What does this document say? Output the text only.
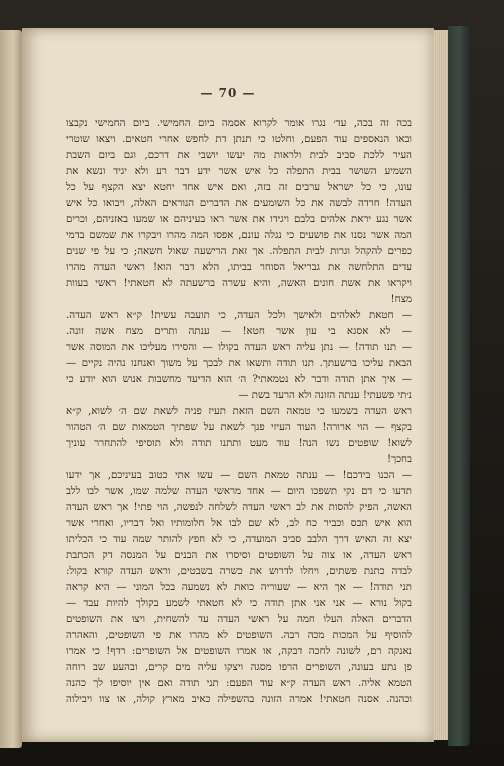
— 70 —
בכה זה בכה, עד׳ נגרו אומר לקרוא אסמה ביום החמישי. ביום החמישי נקבצו
ובאו הנאספים עוד הפעם, וחלטו כי תנתן דת לחפש אחרי חטאים. ויצאו שוטרי
העיר ללכת סביב לבית ולראות מה יעשו יושבי את דרכם, וגם ביום השבת
השמיע השושר בבית התפלה כל איש אשר ידע דבר רע ולא יגיד ונשא את
עונו, כי כל ישראל ערבים זה בזה, ואם איש אחד יחטא יצא הקצף על כל
העדה! חרדה לבשה את כל השומעים את הדברים הנוראים האלה, ויבואו כל איש
אשר נגע יראת אלהים בלבם ויגידו את אשר ראו בעיניהם או שמעו באזניהם, וכרים
המה אשר נסנו את פושעים כי נגלה עונם, אפסו המה מהרו ויבקרו את שמשם בדמי
כפרים להקהל וגרות לבית התפלה. אך זאת הרישעה שאול חשאה; כי על פי שנים
עדים התלחשה את גבריאל הסוחר בביתו, הלא דבר הוא! ראשי העדה מהרו
ויקראו את אשת חונים האשה, והיא עשרה ברשעתה לא חטאתי! ראשי בעוות
מצח!
— חטאת לאלהים ולאישך ולכל העדה, כי תועבה עשית! ק״א ראש העדה.
— לא אסגא בי עון אשר חטא! — ענתה ותרים מצח אשה זונה.
— תנו תודה! — נתן עליה ראש העדה בקולו — והסירו מעליכו את המוסה אשר
הבאת עליכו ברשעתך. תנו תודה ותשאו את לבכך על משוך ואנחנו נהיה נקיים —
— איך אתן תודה ודבר לא נטמאתי? ה׳ הוא הדיעד מחשבות אנוש הוא יודע כי
נ׳תי פשעתי! ענתה הזונה ולא הרעד בשת —
ראש העדה בשמעו כי טמאה השם הזאת תעיז פניה לשאת שם ה׳ לשוא, ק״א
בקצף — הוי ארורה! העוד העיזי פנך לשאת על שפתיך הטמאות שם ה׳ הטהור
לשוא! שופטים נשו הנה! עוד מעט ותתנו תודה ולא תוסיפי להתחרר עוניך
בחכך!
— הכנו בידכם! — ענתה טמאת השם — עשו אתי כטוב בעיניכם, אך ידעו
תדעו כי דם נקי תשפכו היום — אחד מראשי העדה שלמה שמו, אשר לבו ללב
האשה, הפיק להסות את לב ראשי העדה לשלחה לנפשה, הוי פתי! אך ראש העדה
הוא איש תכס וכביר כח לב, לא שם לבו אל חלומותיו ואל דבריו, ואחרי אשר
יצא זה האיש דרך הלבב סביב המועדה, כי לא חפץ להותר שמה עוד כי הכליתו
ראש העדה, או צוה על השופטים וסיסרו את הבנים על המנסה דק הכתבת
לבדה כתנת פשתים, ויחלו לדרוש את כשרה בשבטים, וראש העדה קורא בקול:
תני תודה! — אך היא — שעוריה כואת לא נשמעה בכל המוני — היא קראה
בקול נורא — אני אני אתן תודה כי לא חטאתי לשמע בקולך להיות עבד —
הדברים האלה העלו חמה על ראשי העדה עד להשחית, ויצו את השופטים
להוסיף על המכות מכה רבה. השופטים לא מהרו את פי השופטים, והאהרה
נאנקה רם, לשונה לחכה דבקה, או אמרו השופטים אל השופרים: רדף! כי אמרו
פן נתע בעונה, השופרים הרפו מסגה ויצקו עליה מים קרים, ובהעע שב רוחה
הטמא אליה. ראש העדה ק״א עוד הפעם: תני תודה ואם אין יוסיפו לך כהנה
וכהנה. אסנה חטאתי! אמרה הזונה בהשפילה כאיב מארץ קולה, או צוו ויבילוה
